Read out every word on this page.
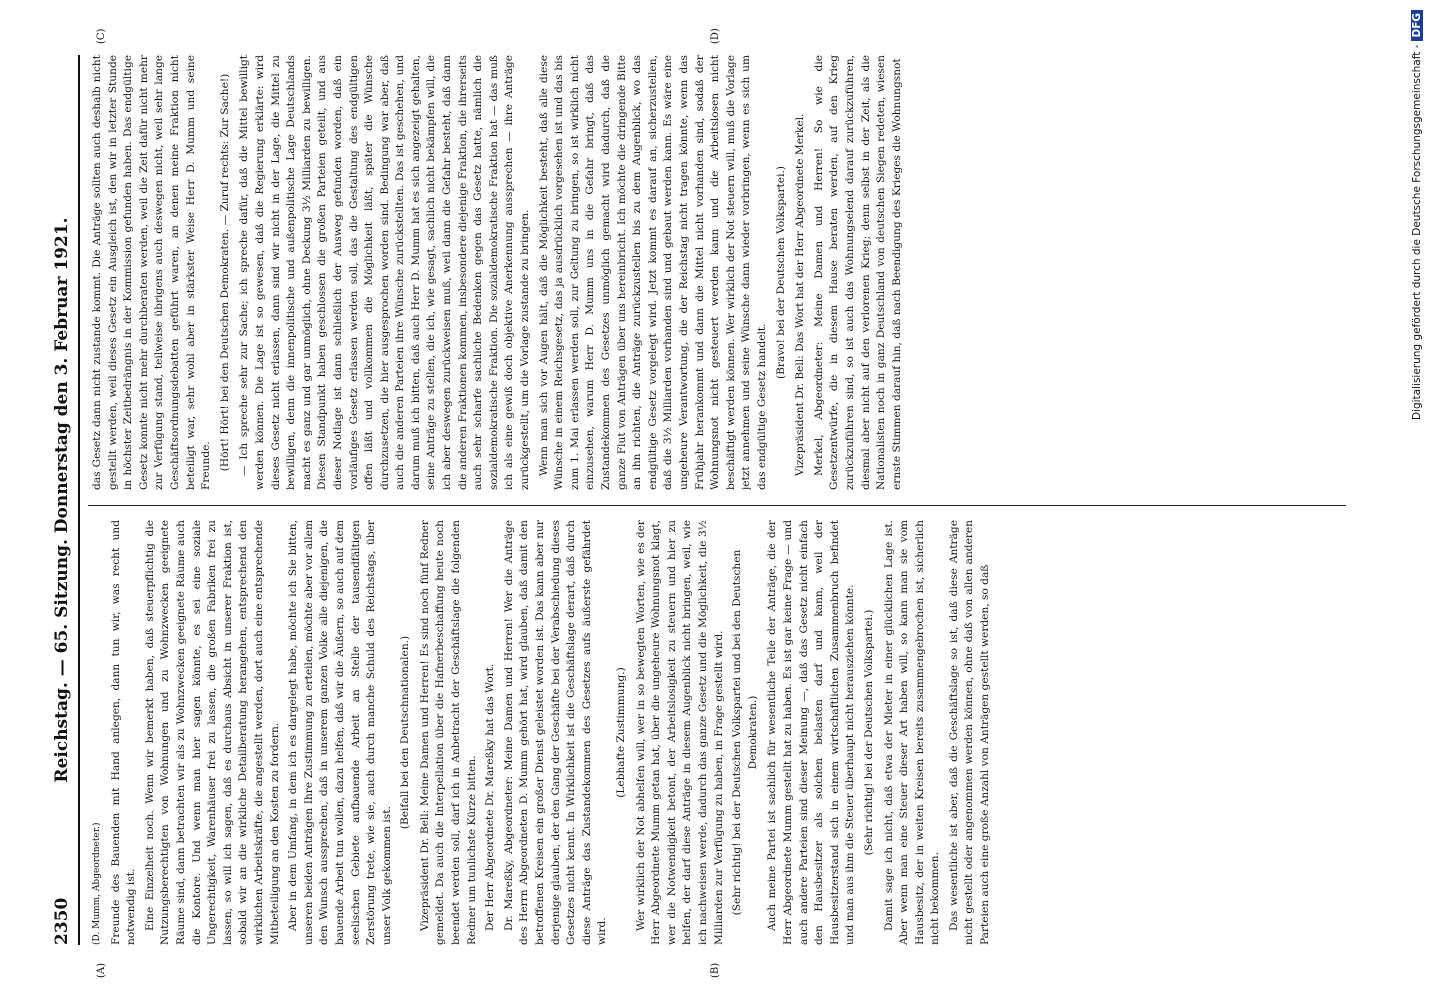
2350
Reichstag. — 65. Sitzung. Donnerstag den 3. Februar 1921.
(A)	(B)
(C)	(D)

(D. Mumm, Abgeordneter.) Freunde des Bauenden mit Hand anlegen, dann tun wir, was recht und notwendig ist. Eine Einzelheit noch. Wenn wir bemerkt haben, daß steuerpflichtig die Nutzungsberechtigten von Wohnungen und zu Wohnzwecken geeignete Räume sind, dann betrachten wir als zu Wohnzwecken geeignete Räume auch die Kontore. Und wenn man hier sagen könnte, es sei eine soziale Ungerechtigkeit, Warenhäuser frei zu lassen, die großen Fabriken frei zu lassen, so will ich sagen, daß es durchaus Absicht in unserer Fraktion ist, sobald wir an die wirkliche Detailberatung herangehen, entsprechend den wirklichen Arbeitskräfte, die angestellt werden, dort auch eine entsprechende Mitbeteiligung an den Kosten zu fordern. Aber in dem Umfang, in dem ich es dargelegt habe, möchte ich Sie bitten, unseren beiden Anträgen Ihre Zustimmung zu erteilen, möchte aber vor allem den Wunsch aussprechen, daß in unserem ganzen Volke alle diejenigen, die bauende Arbeit tun wollen, dazu helfen, daß wir die Äußern, so auch auf dem seelischen Gebiete aufbauende Arbeit an Stelle der tausendfältigen Zerstörung trete, wie sie, auch durch manche Schuld des Reichstags, über unser Volk gekommen ist.

(Beifall bei den Deutschnationalen.) Vizepräsident Dr. Bell: Meine Damen und Herren! Es sind noch fünf Redner gemeldet. Da auch die Interpellation über die Hafnerbeschaffung heute noch beendet werden soll, darf ich in Anbetracht der Geschäftslage die folgenden Redner um tunlichste Kürze bitten. Der Herr Abgeordnete Dr. Mareßky hat das Wort. Dr. Mareßky, Abgeordneter: Meine Damen und Herren! Wer die Anträge des Herrn Abgeordneten D. Mumm gehört hat, wird glauben, daß damit den betroffenen Kreisen ein großer Dienst geleistet worden ist. Das kann aber nur derjenige glauben, der den Gang der Geschäfte bei der Verabschiedung dieses Gesetzes nicht kennt. In Wirklichkeit ist die Geschäftslage derart, daß durch diese Anträge das Zustandekommen des Gesetzes aufs äußerste gefährdet wird.

(Lebhafte Zustimmung.) Wer wirklich der Not abhelfen will, wer in so bewegten Worten, wie es der Herr Abgeordnete Mumm getan hat, über die ungeheure Wohnungsnot klagt, wer die Notwendigkeit betont, der Arbeitslosigkeit zu steuern und hier zu helfen, der darf diese Anträge in diesem Augenblick nicht bringen, weil, wie ich nachweisen werde, dadurch das ganze Gesetz und die Möglichkeit, die 3½ Milliarden zur Verfügung zu haben, in Frage gestellt wird. (Sehr richtig! bei der Deutschen Volkspartei und bei den Deutschen Demokraten.) Auch meine Partei ist sachlich für wesentliche Teile der Anträge, die der Herr Abgeordnete Mumm gestellt hat zu haben. Es ist gar keine Frage — und auch andere Parteien sind dieser Meinung —, daß das Gesetz nicht einfach den Hausbesitzer als solchen belasten darf und kann, weil der Hausbesitzerstand sich in einem wirtschaftlichen Zusammenbruch befindet und man aus ihm die Steuer überhaupt nicht herausziehen könnte. (Sehr richtig! bei der Deutschen Volkspartei.) Damit sage ich nicht, daß etwa der Mieter in einer glücklichen Lage ist. Aber wenn man eine Steuer dieser Art haben will, so kann man sie vom Hausbesitz, der in weiten Kreisen bereits zusammengebrochen ist, sicherlich nicht bekommen. Das wesentliche ist aber, daß die Geschäftslage so ist, daß diese Anträge nicht gestellt oder angenommen werden können, ohne daß von allen anderen Parteien auch eine große Anzahl von Anträgen gestellt werden, so daß

das Gesetz dann nicht zustande kommt. Die Anträge sollten auch deshalb nicht gestellt werden, weil dieses Gesetz ein Ausgleich ist, den wir in letzter Stunde in höchster Zeitbedrängnis in der Kommission gefunden haben. Das endgültige Gesetz konnte nicht mehr durchberaten werden, weil die Zeit dafür nicht mehr zur Verfügung stand, teilweise übrigens auch deswegen nicht, weil sehr lange Geschäftsordnungsdebatten geführt waren, an denen meine Fraktion nicht beteiligt war, sehr wohl aber in stärkster Weise Herr D. Mumm und seine Freunde. (Hört! Hört! bei den Deutschen Demokraten. — Zuruf rechts: Zur Sache!) — Ich spreche sehr zur Sache; ich spreche dafür, daß die Mittel bewilligt werden können. Die Lage ist so gewesen, daß die Regierung erklärte: wird dieses Gesetz nicht erlassen, dann sind wir nicht in der Lage, die Mittel zu bewilligen, denn die innenpolitische und außenpolitische Lage Deutschlands macht es ganz und gar unmöglich, ohne Deckung 3½ Milliarden zu bewilligen. Diesen Standpunkt haben geschlossen die großen Parteien geteilt, und aus dieser Notlage ist dann schließlich der Ausweg gefunden worden, daß ein vorläufiges Gesetz erlassen werden soll, das die Gestaltung des endgültigen offen läßt und vollkommen die Möglichkeit läßt, später die Wünsche durchzusetzen, die hier ausgesprochen worden sind. Bedingung war aber, daß auch die anderen Parteien ihre Wünsche zurückstellten. Das ist geschehen, und darum muß ich bitten, daß auch Herr D. Mumm hat es sich angezeigt gehalten, seine Anträge zu stellen, die ich, wie gesagt, sachlich nicht bekämpfen will, die ich aber deswegen zurückweisen muß, weil dann die Gefahr besteht, daß dann die anderen Fraktionen kommen, insbesondere diejenige Fraktion, die ihrerseits auch sehr scharfe sachliche Bedenken gegen das Gesetz hatte, nämlich die sozialdemokratische Fraktion. Die sozialdemokratische Fraktion hat — das muß ich als eine gewiß doch objektive Anerkennung aussprechen — ihre Anträge zurückgestellt, um die Vorlage zustande zu bringen. Wenn man sich vor Augen hält, daß die Möglichkeit besteht, daß alle diese Wünsche in einem Reichsgesetz, das ja ausdrücklich vorgesehen ist und das bis zum 1. Mai erlassen werden soll, zur Geltung zu bringen, so ist wirklich nicht einzusehen, warum Herr D. Mumm uns in die Gefahr bringt, daß das Zustandekommen des Gesetzes unmöglich gemacht wird dadurch, daß die ganze Flut von Anträgen über uns hereinbricht. Ich möchte die dringende Bitte an ihn richten, die Anträge zurückzustellen bis zu dem Augenblick, wo das endgültige Gesetz vorgelegt wird. Jetzt kommt es darauf an, sicherzustellen, daß die 3½ Milliarden vorhanden sind und gebaut werden kann. Es wäre eine ungeheure Verantwortung, die der Reichstag nicht tragen könnte, wenn das Frühjahr herankommt und dann die Mittel nicht vorhanden sind, sodaß der Wohnungsnot nicht gesteuert werden kann und die Arbeitslosen nicht beschäftigt werden können. Wer wirklich der Not steuern will, muß die Vorlage jetzt annehmen und seine Wünsche dann wieder vorbringen, wenn es sich um das endgültige Gesetz handelt.

(Bravo! bei der Deutschen Volkspartei.) Vizepräsident Dr. Bell: Das Wort hat der Herr Abgeordnete Merkel. Merkel, Abgeordneter: Meine Damen und Herren! So wie die Gesetzentwürfe, die in diesem Hause beraten werden, auf den Krieg zurückzuführen sind, so ist auch das Wohnungselend darauf zurückzuführen, diesmal aber nicht auf den verlorenen Krieg; denn selbst in der Zeit, als die Nationalisten noch in ganz Deutschland von deutschen Siegen redeten, wiesen ernste Stimmen darauf hin, daß nach Beendigung des Krieges die Wohnungsnot	Digitalisierung gefördert durch die Deutsche Forschungsgemeinschaft -DFG
